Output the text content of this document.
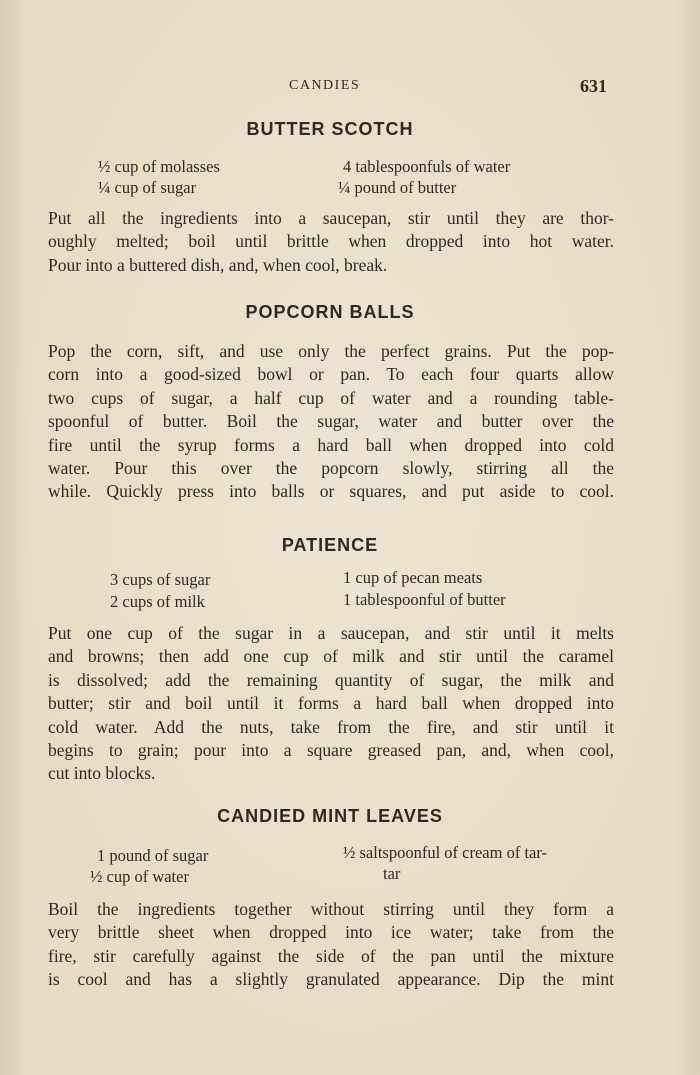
CANDIES	631
BUTTER SCOTCH
½ cup of molasses
¼ cup of sugar
4 tablespoonfuls of water
¼ pound of butter
Put all the ingredients into a saucepan, stir until they are thor-
oughly melted; boil until brittle when dropped into hot water.
Pour into a buttered dish, and, when cool, break.
POPCORN BALLS
Pop the corn, sift, and use only the perfect grains. Put the pop-
corn into a good-sized bowl or pan. To each four quarts allow
two cups of sugar, a half cup of water and a rounding table-
spoonful of butter. Boil the sugar, water and butter over the
fire until the syrup forms a hard ball when dropped into cold
water. Pour this over the popcorn slowly, stirring all the
while. Quickly press into balls or squares, and put aside to cool.
PATIENCE
3 cups of sugar
2 cups of milk
1 cup of pecan meats
1 tablespoonful of butter
Put one cup of the sugar in a saucepan, and stir until it melts
and browns; then add one cup of milk and stir until the caramel
is dissolved; add the remaining quantity of sugar, the milk and
butter; stir and boil until it forms a hard ball when dropped into
cold water. Add the nuts, take from the fire, and stir until it
begins to grain; pour into a square greased pan, and, when cool,
cut into blocks.
CANDIED MINT LEAVES
1 pound of sugar
½ cup of water
½ saltspoonful of cream of tar-
tar
Boil the ingredients together without stirring until they form a
very brittle sheet when dropped into ice water; take from the
fire, stir carefully against the side of the pan until the mixture
is cool and has a slightly granulated appearance. Dip the mint
